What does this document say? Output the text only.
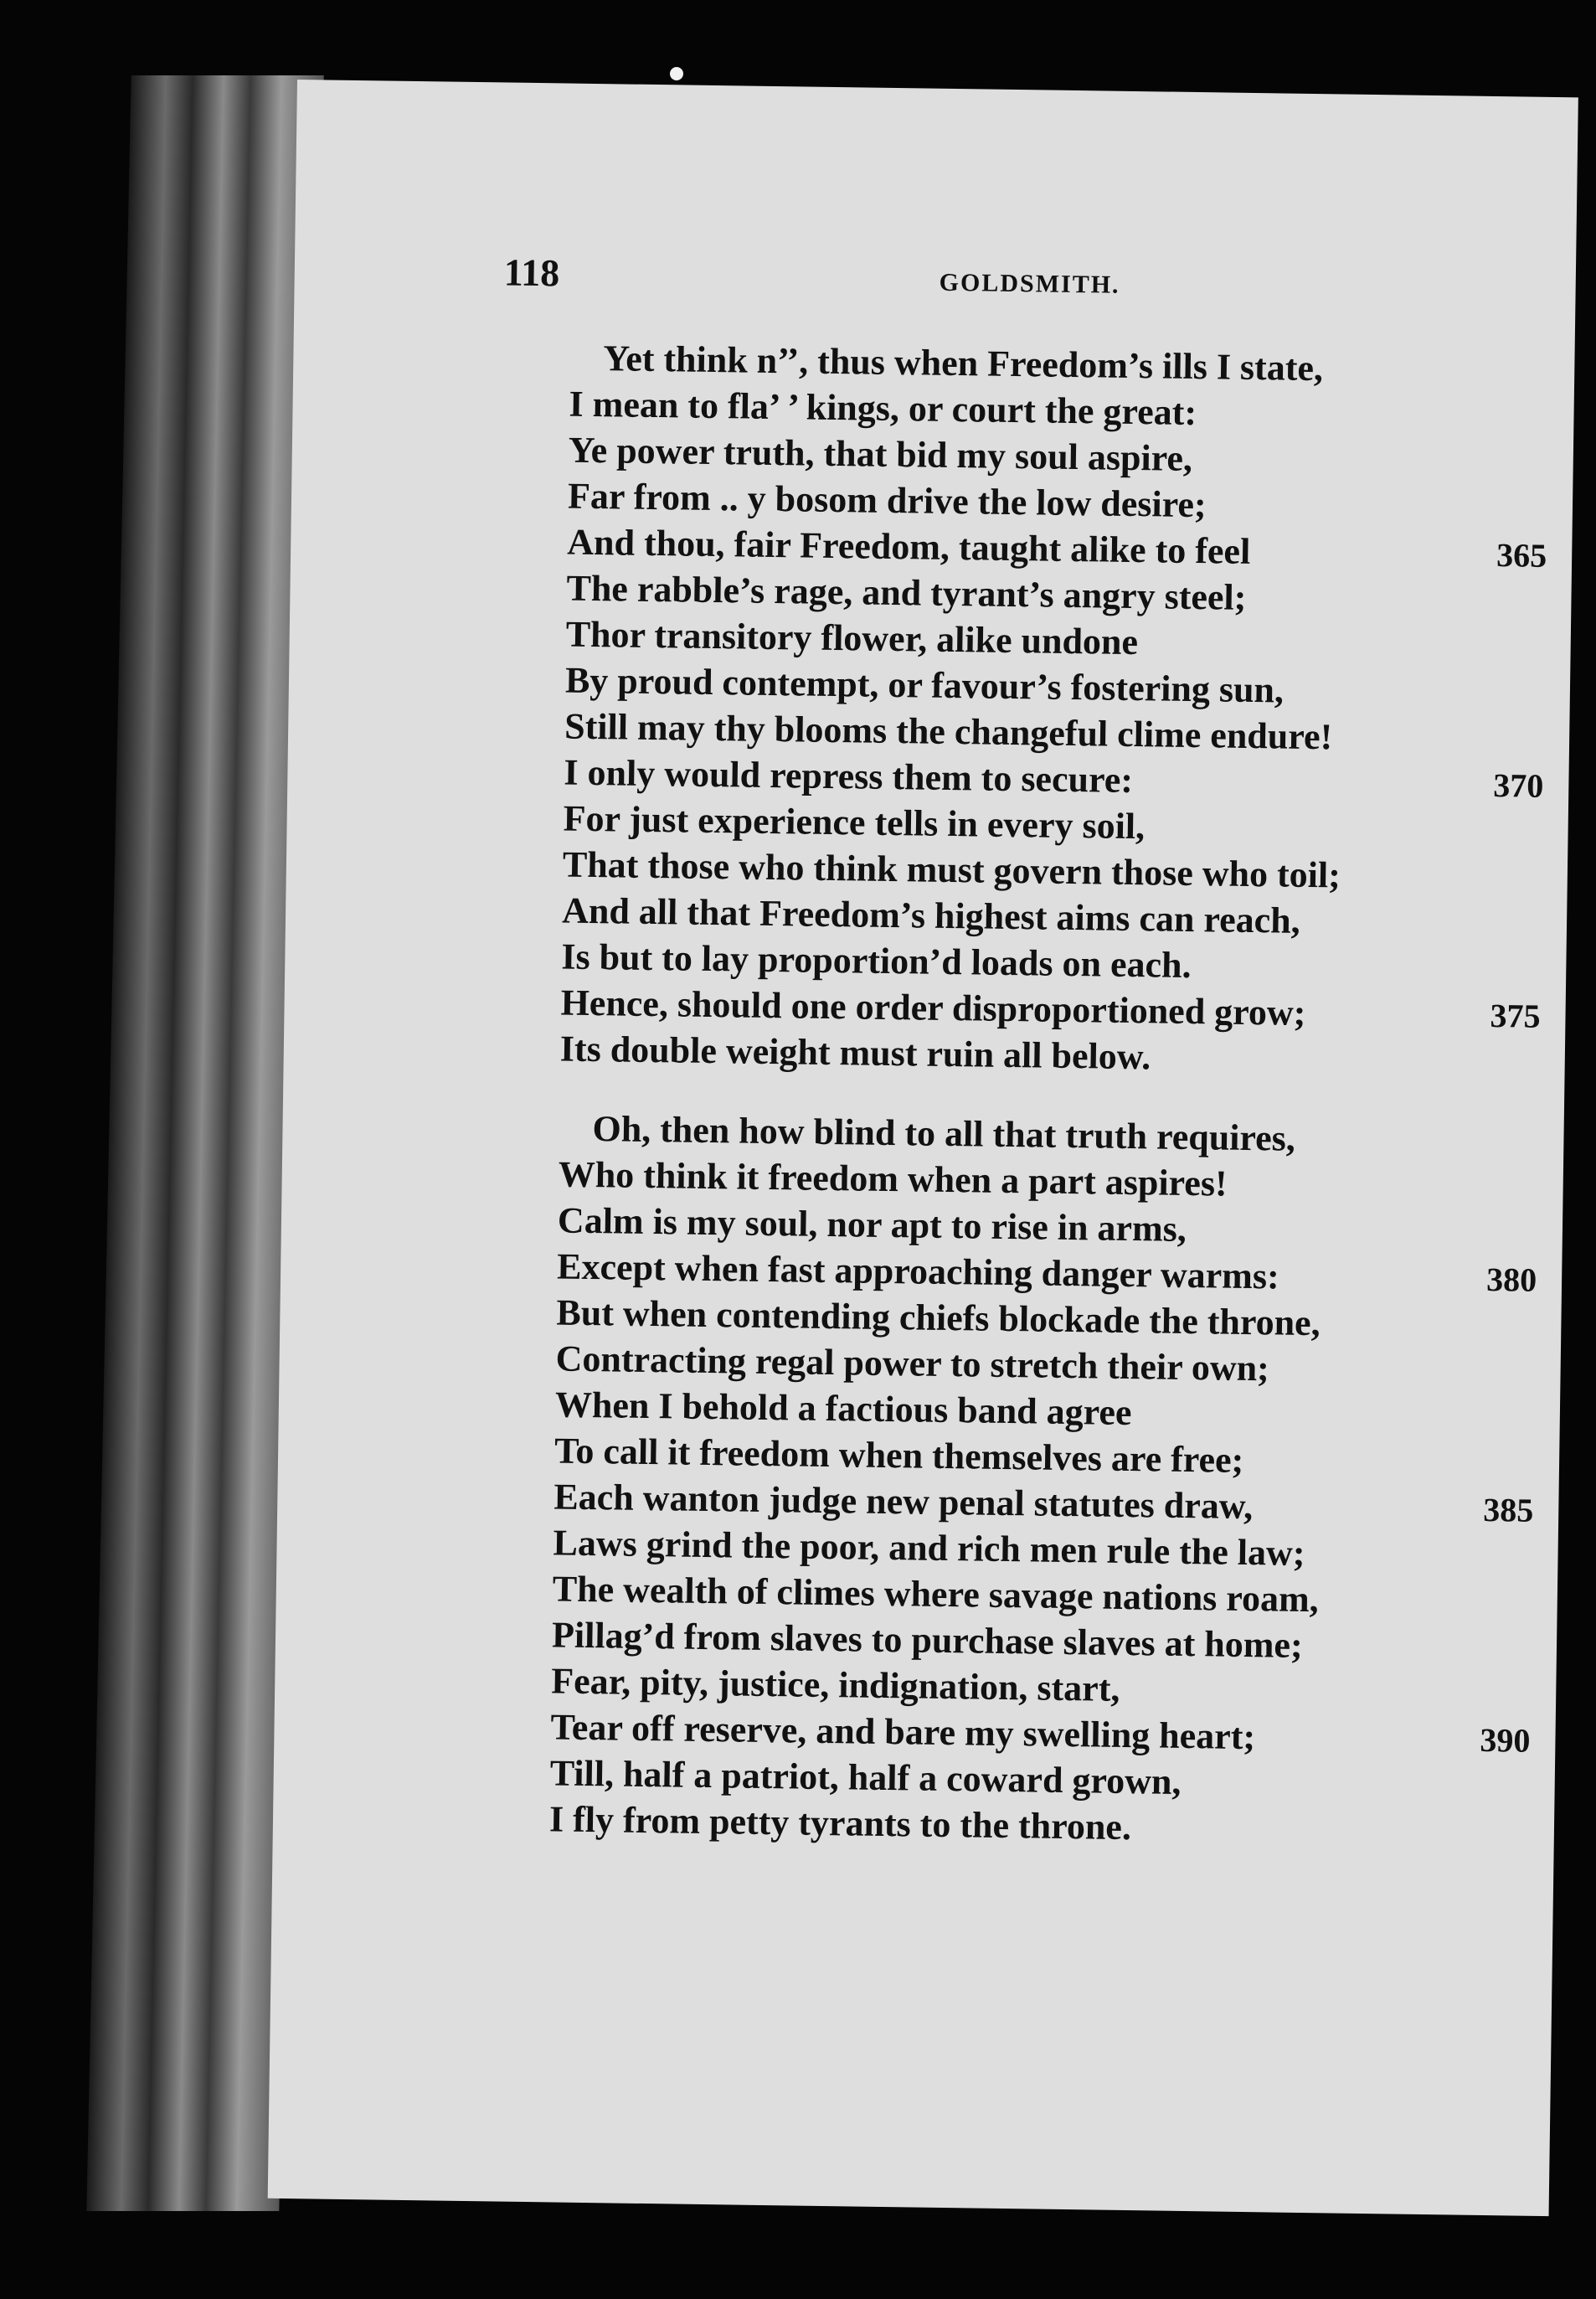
118	GOLDSMITH.
Yet think n’’, thus when Freedom’s ills I state,
I mean to fla’ ’ kings, or court the great:
Ye power truth, that bid my soul aspire,
Far from .. y bosom drive the low desire;
And thou, fair Freedom, taught alike to feel	365
The rabble’s rage, and tyrant’s angry steel;
Thor transitory flower, alike undone
By proud contempt, or favour’s fostering sun,
Still may thy blooms the changeful clime endure!
I only would repress them to secure:	370
For just experience tells in every soil,
That those who think must govern those who toil;
And all that Freedom’s highest aims can reach,
Is but to lay proportion’d loads on each.
Hence, should one order disproportioned grow;	375
Its double weight must ruin all below.
Oh, then how blind to all that truth requires,
Who think it freedom when a part aspires!
Calm is my soul, nor apt to rise in arms,
Except when fast approaching danger warms:	380
But when contending chiefs blockade the throne,
Contracting regal power to stretch their own;
When I behold a factious band agree
To call it freedom when themselves are free;
Each wanton judge new penal statutes draw,	385
Laws grind the poor, and rich men rule the law;
The wealth of climes where savage nations roam,
Pillag’d from slaves to purchase slaves at home;
Fear, pity, justice, indignation, start,
Tear off reserve, and bare my swelling heart;	390
Till, half a patriot, half a coward grown,
I fly from petty tyrants to the throne.
